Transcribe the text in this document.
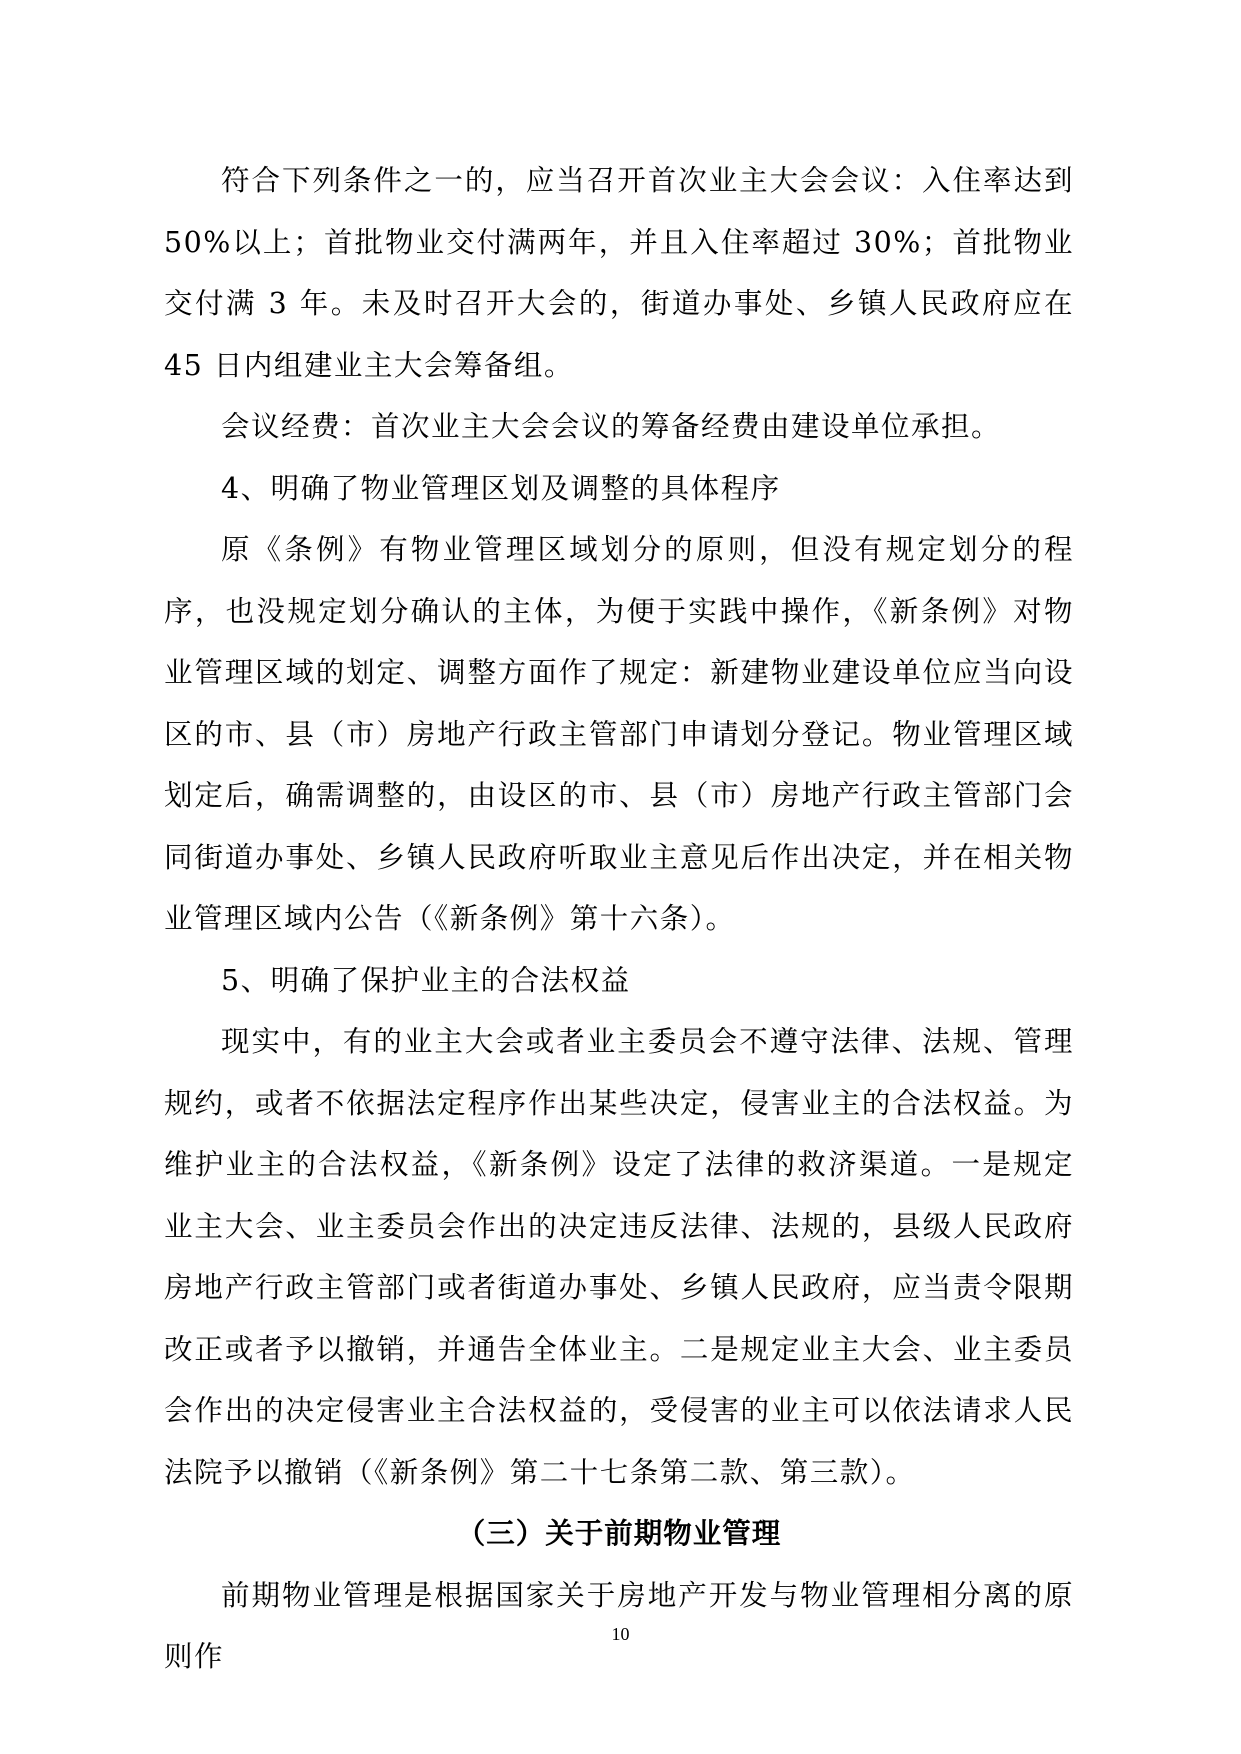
符合下列条件之一的，应当召开首次业主大会会议：入住率达到 50%以上；首批物业交付满两年，并且入住率超过 30%；首批物业交付满 3 年。未及时召开大会的，街道办事处、乡镇人民政府应在 45 日内组建业主大会筹备组。

会议经费：首次业主大会会议的筹备经费由建设单位承担。

4、明确了物业管理区划及调整的具体程序

原《条例》有物业管理区域划分的原则，但没有规定划分的程序，也没规定划分确认的主体，为便于实践中操作，《新条例》对物业管理区域的划定、调整方面作了规定：新建物业建设单位应当向设区的市、县（市）房地产行政主管部门申请划分登记。物业管理区域划定后，确需调整的，由设区的市、县（市）房地产行政主管部门会同街道办事处、乡镇人民政府听取业主意见后作出决定，并在相关物业管理区域内公告（《新条例》第十六条）。

5、明确了保护业主的合法权益

现实中，有的业主大会或者业主委员会不遵守法律、法规、管理规约，或者不依据法定程序作出某些决定，侵害业主的合法权益。为维护业主的合法权益，《新条例》设定了法律的救济渠道。一是规定业主大会、业主委员会作出的决定违反法律、法规的，县级人民政府房地产行政主管部门或者街道办事处、乡镇人民政府，应当责令限期改正或者予以撤销，并通告全体业主。二是规定业主大会、业主委员会作出的决定侵害业主合法权益的，受侵害的业主可以依法请求人民法院予以撤销（《新条例》第二十七条第二款、第三款）。

（三）关于前期物业管理

前期物业管理是根据国家关于房地产开发与物业管理相分离的原则作

10
